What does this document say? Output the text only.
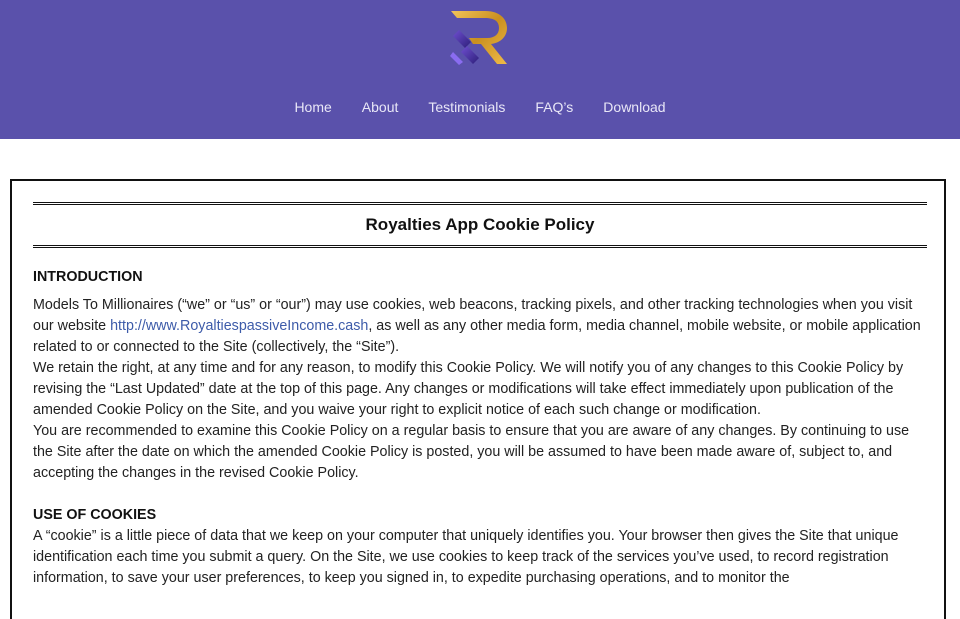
Home	About	Testimonials	FAQ’s	Download
Royalties App Cookie Policy
INTRODUCTION

Models To Millionaires (“we” or “us” or “our”) may use cookies, web beacons, tracking pixels, and other tracking technologies when you visit our website http://www.RoyaltiespassiveIncome.cash, as well as any other media form, media channel, mobile website, or mobile application related to or connected to the Site (collectively, the “Site”).

We retain the right, at any time and for any reason, to modify this Cookie Policy. We will notify you of any changes to this Cookie Policy by revising the “Last Updated” date at the top of this page. Any changes or modifications will take effect immediately upon publication of the amended Cookie Policy on the Site, and you waive your right to explicit notice of each such change or modification.

You are recommended to examine this Cookie Policy on a regular basis to ensure that you are aware of any changes. By continuing to use the Site after the date on which the amended Cookie Policy is posted, you will be assumed to have been made aware of, subject to, and accepting the changes in the revised Cookie Policy.

USE OF COOKIES

A “cookie” is a little piece of data that we keep on your computer that uniquely identifies you. Your browser then gives the Site that unique identification each time you submit a query. On the Site, we use cookies to keep track of the services you’ve used, to record registration information, to save your user preferences, to keep you signed in, to expedite purchasing operations, and to monitor the
